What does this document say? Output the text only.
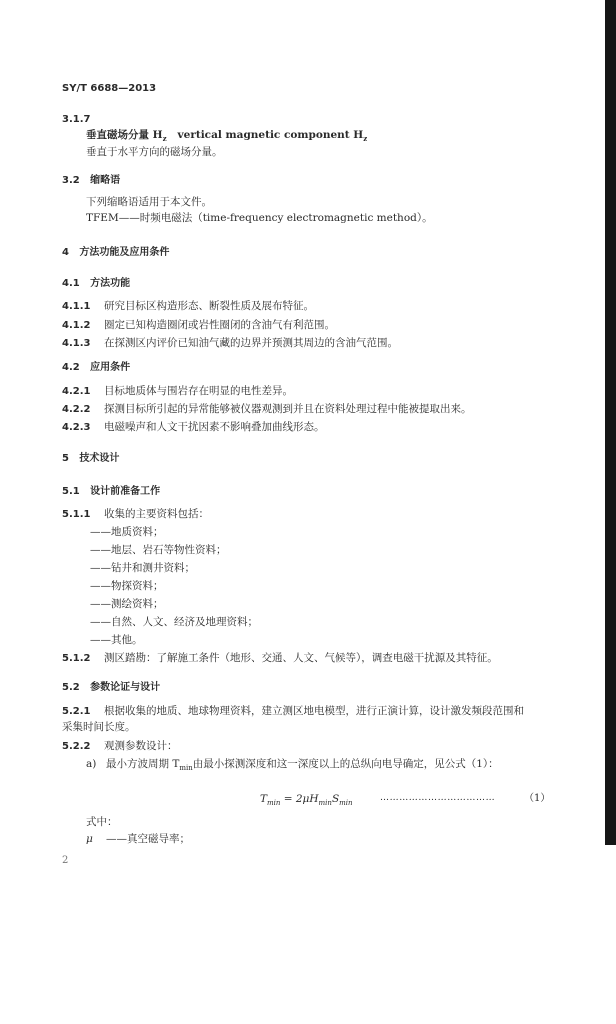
SY/T 6688—2013
3.1.7
垂直磁场分量 $H_z$ vertical magnetic component $H_z$
垂直于水平方向的磁场分量。
3.2 缩略语
下列缩略语适用于本文件。
TFEM——时频电磁法（time-frequency electromagnetic method）。
4 方法功能及应用条件
4.1 方法功能
4.1.1 研究目标区构造形态、断裂性质及展布特征。
4.1.2 圈定已知构造圈闭或岩性圈闭的含油气有利范围。
4.1.3 在探测区内评价已知油气藏的边界并预测其周边的含油气范围。
4.2 应用条件
4.2.1 目标地质体与围岩存在明显的电性差异。
4.2.2 探测目标所引起的异常能够被仪器观测到并且在资料处理过程中能被提取出来。
4.2.3 电磁噪声和人文干扰因素不影响叠加曲线形态。
5 技术设计
5.1 设计前准备工作
5.1.1 收集的主要资料包括：
——地质资料；
——地层、岩石等物性资料；
——钻井和测井资料；
——物探资料；
——测绘资料；
——自然、人文、经济及地理资料；
——其他。
5.1.2 测区踏勘：了解施工条件（地形、交通、人文、气候等），调查电磁干扰源及其特征。
5.2 参数论证与设计
5.2.1 根据收集的地质、地球物理资料，建立测区地电模型，进行正演计算，设计激发频段范围和
采集时间长度。
5.2.2 观测参数设计：
a) 最小方波周期 $T_{min}$由最小探测深度和这一深度以上的总纵向电导确定，见公式（1）：
$T_{min} = 2\mu H_{min}S_{min}$
………………………………	（1）
式中：
μ ——真空磁导率；
2
